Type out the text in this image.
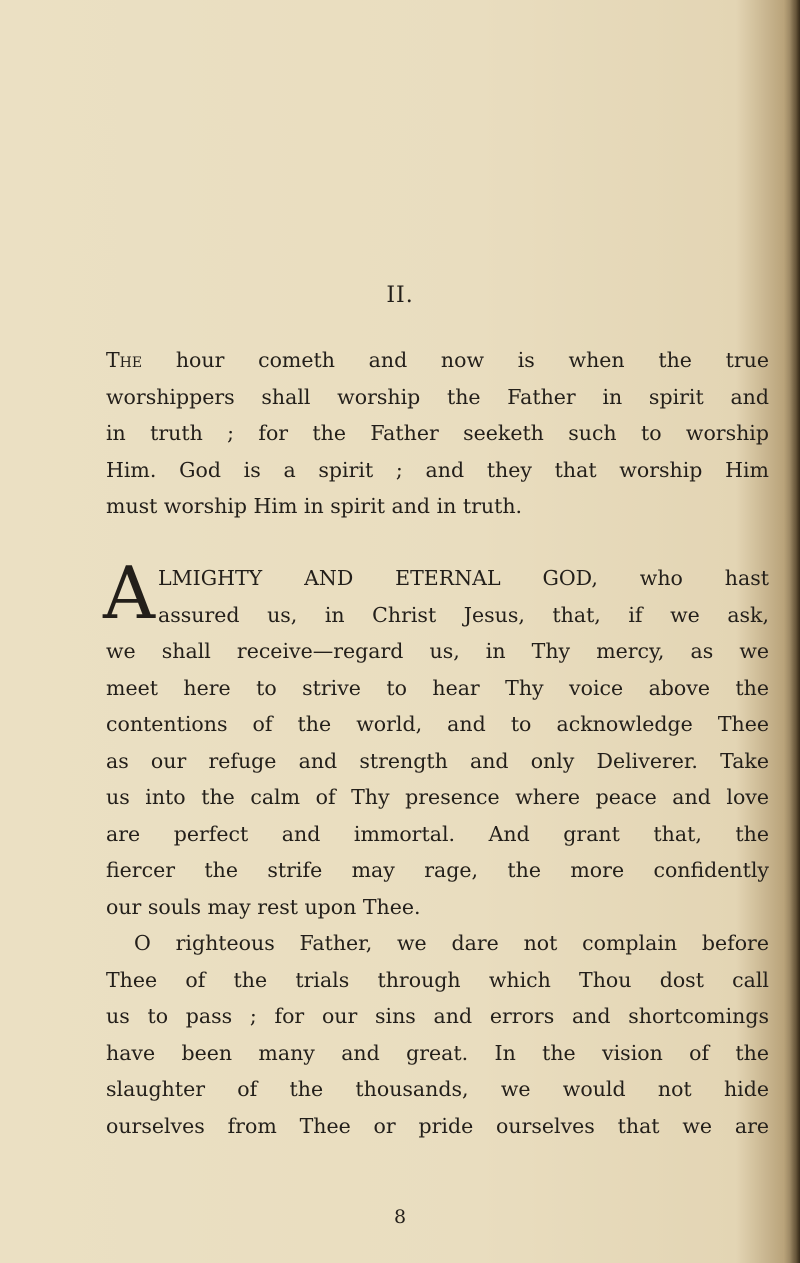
II.
The hour cometh and now is when the true
worshippers shall worship the Father in spirit and
in truth ; for the Father seeketh such to worship
Him. God is a spirit ; and they that worship Him
must worship Him in spirit and in truth.
A LMIGHTY AND ETERNAL GOD, who hast
assured us, in Christ Jesus, that, if we ask,
we shall receive—regard us, in Thy mercy, as we
meet here to strive to hear Thy voice above the
contentions of the world, and to acknowledge Thee
as our refuge and strength and only Deliverer. Take
us into the calm of Thy presence where peace and love
are perfect and immortal. And grant that, the
fiercer the strife may rage, the more confidently
our souls may rest upon Thee.
O righteous Father, we dare not complain before
Thee of the trials through which Thou dost call
us to pass ; for our sins and errors and shortcomings
have been many and great. In the vision of the
slaughter of the thousands, we would not hide
ourselves from Thee or pride ourselves that we are
8
